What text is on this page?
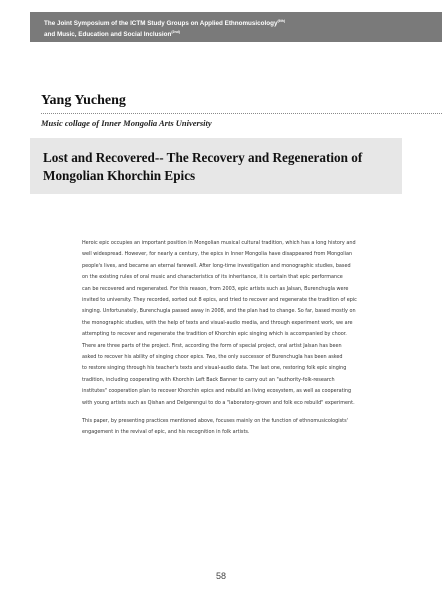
The Joint Symposium of the ICTM Study Groups on Applied Ethnomusicology$^{(6th)}$
and Music, Education and Social Inclusion$^{(2nd)}$
Yang Yucheng
Music collage of Inner Mongolia Arts University
Lost and Recovered-- The Recovery and Regeneration of
Mongolian Khorchin Epics

Heroic epic occupies an important position in Mongolian musical cultural tradition, which has a long history and

well widespread. However, for nearly a century, the epics in Inner Mongolia have disappeared from Mongolian

people's lives, and became an eternal farewell. After long-time investigation and monographic studies, based

on the existing rules of oral music and characteristics of its inheritance, it is certain that epic performance

can be recovered and regenerated. For this reason, from 2003, epic artists such as Jalsan, Burenchugla were

invited to university. They recorded, sorted out 8 epics, and tried to recover and regenerate the tradition of epic

singing. Unfortunately, Burenchugla passed away in 2008, and the plan had to change. So far, based mostly on

the monographic studies, with the help of texts and visual-audio media, and through experiment work, we are

attempting to recover and regenerate the tradition of Khorchin epic singing which is accompanied by choor.

There are three parts of the project. First, according the form of special project, oral artist Jalsan has been

asked to recover his ability of singing choor epics. Two, the only successor of Burenchugla has been asked

to restore singing through his teacher's texts and visual-audio data. The last one, restoring folk epic singing

tradition, including cooperating with Khorchin Left Back Banner to carry out an "authority-folk-research

institutes" cooperation plan to recover Khorchin epics and rebuild an living ecosystem, as well as cooperating

with young artists such as Qishan and Delgerengui to do a "laboratory-grown and folk eco rebuild" experiment.

This paper, by presenting practices mentioned above, focuses mainly on the function of ethnomusicologists'

engagement in the revival of epic, and his recognition in folk artists.

58
